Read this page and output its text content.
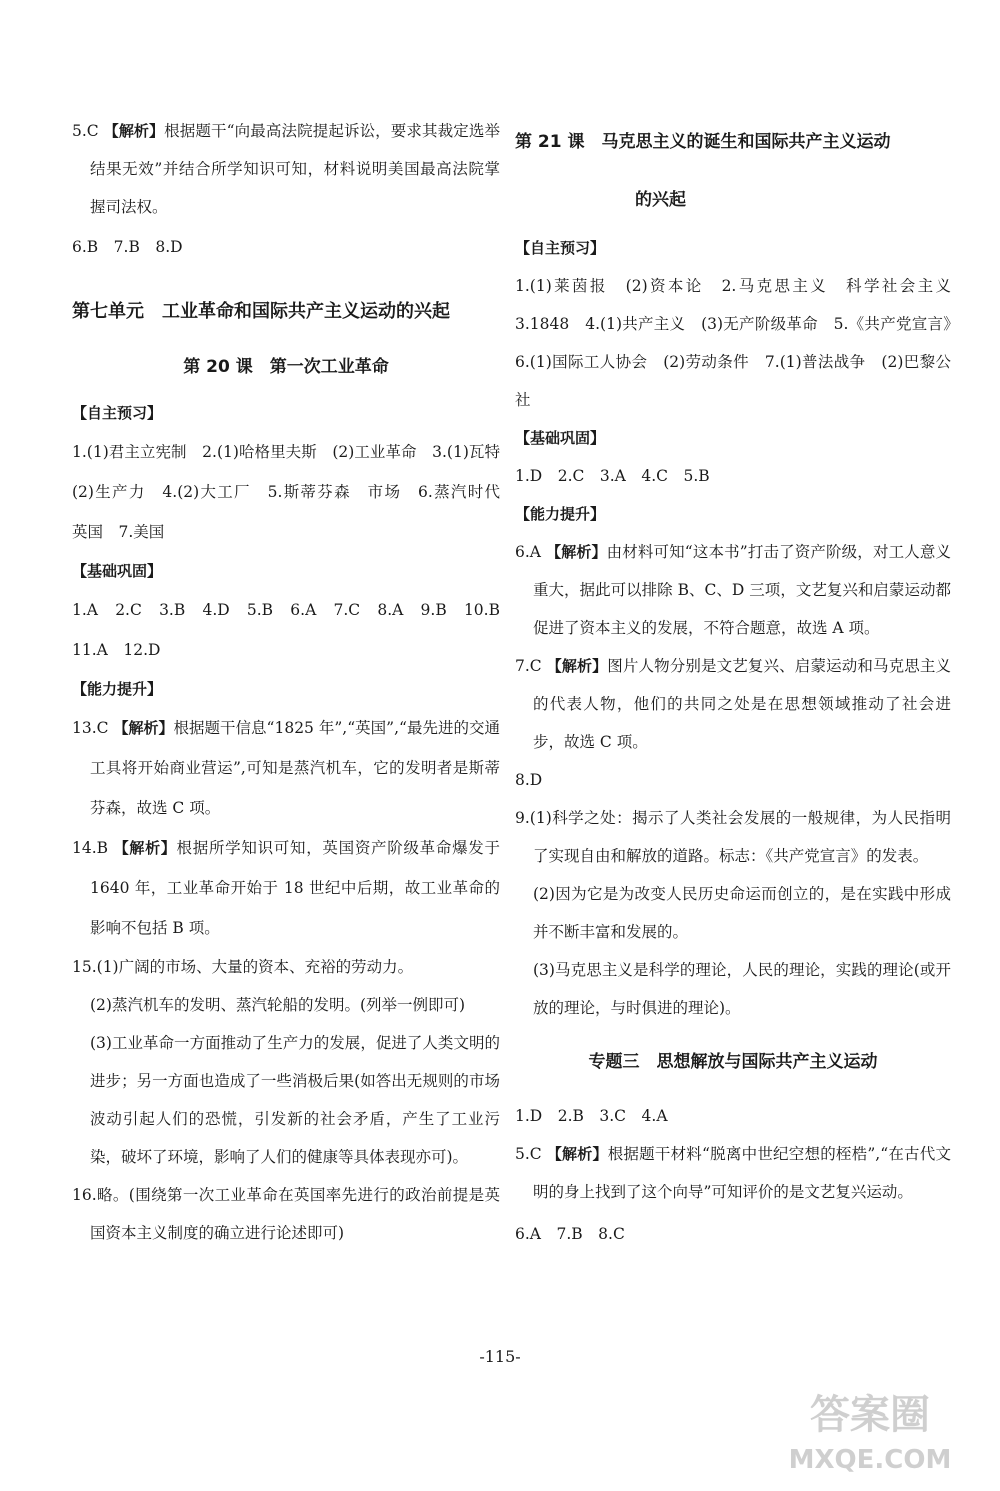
5.C 【解析】根据题干“向最高法院提起诉讼，要求其裁定选举结果无效”并结合所学知识可知，材料说明美国最高法院掌握司法权。
6.B　7.B　8.D
第七单元　工业革命和国际共产主义运动的兴起
第 20 课　第一次工业革命
【自主预习】
1.(1)君主立宪制　2.(1)哈格里夫斯　(2)工业革命　3.(1)瓦特　(2)生产力　4.(2)大工厂　5.斯蒂芬森　市场　6.蒸汽时代　英国　7.美国
【基础巩固】
1.A　2.C　3.B　4.D　5.B　6.A　7.C　8.A　9.B　10.B　11.A　12.D
【能力提升】
13.C 【解析】根据题干信息“1825 年”,“英国”,“最先进的交通工具将开始商业营运”,可知是蒸汽机车，它的发明者是斯蒂芬森，故选 C 项。
14.B 【解析】根据所学知识可知，英国资产阶级革命爆发于 1640 年，工业革命开始于 18 世纪中后期，故工业革命的影响不包括 B 项。
15.(1)广阔的市场、大量的资本、充裕的劳动力。
(2)蒸汽机车的发明、蒸汽轮船的发明。(列举一例即可)
(3)工业革命一方面推动了生产力的发展，促进了人类文明的进步；另一方面也造成了一些消极后果(如答出无规则的市场波动引起人们的恐慌，引发新的社会矛盾，产生了工业污染，破坏了环境，影响了人们的健康等具体表现亦可)。
16.略。(围绕第一次工业革命在英国率先进行的政治前提是英国资本主义制度的确立进行论述即可)
第 21 课　马克思主义的诞生和国际共产主义运动
的兴起
【自主预习】
1.(1)莱茵报　(2)资本论　2.马克思主义　科学社会主义　3.1848　4.(1)共产主义　(3)无产阶级革命　5.《共产党宣言》　6.(1)国际工人协会　(2)劳动条件　7.(1)普法战争　(2)巴黎公社
【基础巩固】
1.D　2.C　3.A　4.C　5.B
【能力提升】
6.A 【解析】由材料可知“这本书”打击了资产阶级，对工人意义重大，据此可以排除 B、C、D 三项，文艺复兴和启蒙运动都促进了资本主义的发展，不符合题意，故选 A 项。
7.C 【解析】图片人物分别是文艺复兴、启蒙运动和马克思主义的代表人物，他们的共同之处是在思想领域推动了社会进步，故选 C 项。
8.D
9.(1)科学之处：揭示了人类社会发展的一般规律，为人民指明了实现自由和解放的道路。标志：《共产党宣言》的发表。
(2)因为它是为改变人民历史命运而创立的，是在实践中形成并不断丰富和发展的。
(3)马克思主义是科学的理论，人民的理论，实践的理论(或开放的理论，与时俱进的理论)。
专题三　思想解放与国际共产主义运动
1.D　2.B　3.C　4.A
5.C 【解析】根据题干材料“脱离中世纪空想的桎梏”,“在古代文明的身上找到了这个向导”可知评价的是文艺复兴运动。
6.A　7.B　8.C
-115-
答案圈
MXQE.COM
